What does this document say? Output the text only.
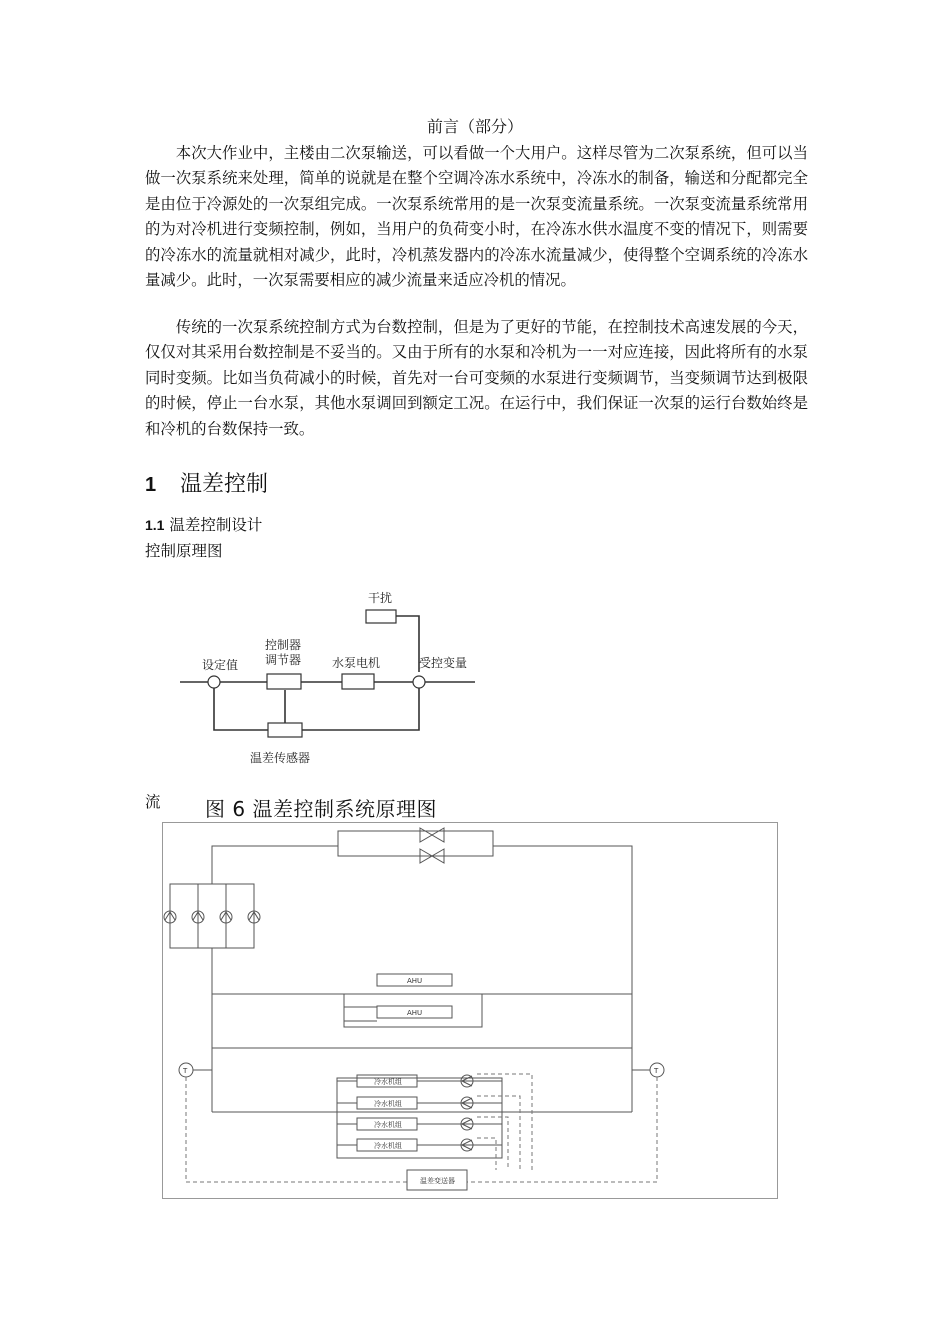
前言（部分）

本次大作业中，主楼由二次泵输送，可以看做一个大用户。这样尽管为二次泵系统，但可以当做一次泵系统来处理，简单的说就是在整个空调冷冻水系统中，冷冻水的制备，输送和分配都完全是由位于冷源处的一次泵组完成。一次泵系统常用的是一次泵变流量系统。一次泵变流量系统常用的为对冷机进行变频控制，例如，当用户的负荷变小时，在冷冻水供水温度不变的情况下，则需要的冷冻水的流量就相对减少，此时，冷机蒸发器内的冷冻水流量减少，使得整个空调系统的冷冻水量减少。此时，一次泵需要相应的减少流量来适应冷机的情况。

传统的一次泵系统控制方式为台数控制，但是为了更好的节能，在控制技术高速发展的今天，仅仅对其采用台数控制是不妥当的。又由于所有的水泵和冷机为一一对应连接，因此将所有的水泵同时变频。比如当负荷减小的时候，首先对一台可变频的水泵进行变频调节，当变频调节达到极限的时候，停止一台水泵，其他水泵调回到额定工况。在运行中，我们保证一次泵的运行台数始终是和冷机的台数保持一致。

1 温差控制
1.1 温差控制设计
控制原理图
干扰
设定值
控制器
调节器	水泵电机	受控变量
温差传感器
流 图 6 温差控制系统原理图
AHU
AHU
T	T
冷水机组
冷水机组
冷水机组
冷水机组
温差变送器
